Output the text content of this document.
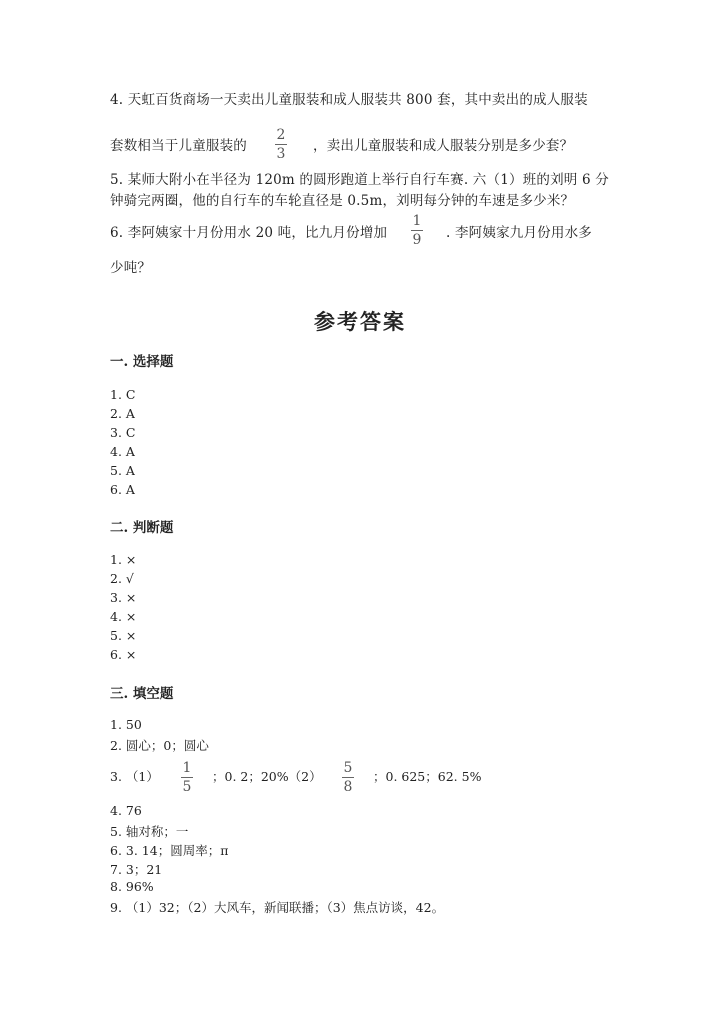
4. 天虹百货商场一天卖出儿童服装和成人服装共 800 套，其中卖出的成人服装
套数相当于儿童服装的
2
3 ，卖出儿童服装和成人服装分别是多少套？
5. 某师大附小在半径为 120m 的圆形跑道上举行自行车赛. 六（1）班的刘明 6 分
钟骑完两圈，他的自行车的车轮直径是 0.5m，刘明每分钟的车速是多少米？
6. 李阿姨家十月份用水 20 吨，比九月份增加
1
9 . 李阿姨家九月份用水多
少吨？
参考答案
一. 选择题
1. C
2. A
3. C
4. A
5. A
6. A
二. 判断题
1. ×
2. √
3. ×
4. ×
5. ×
6. ×
三. 填空题
1. 50
2. 圆心；0；圆心
3. （1）
1
5
；0. 2；20%（2）
5
8
；0. 625；62. 5%
4. 76
5. 轴对称；一
6. 3. 14；圆周率；π
7. 3；21
8. 96%
9. （1）32；（2）大风车，新闻联播；（3）焦点访谈，42。
